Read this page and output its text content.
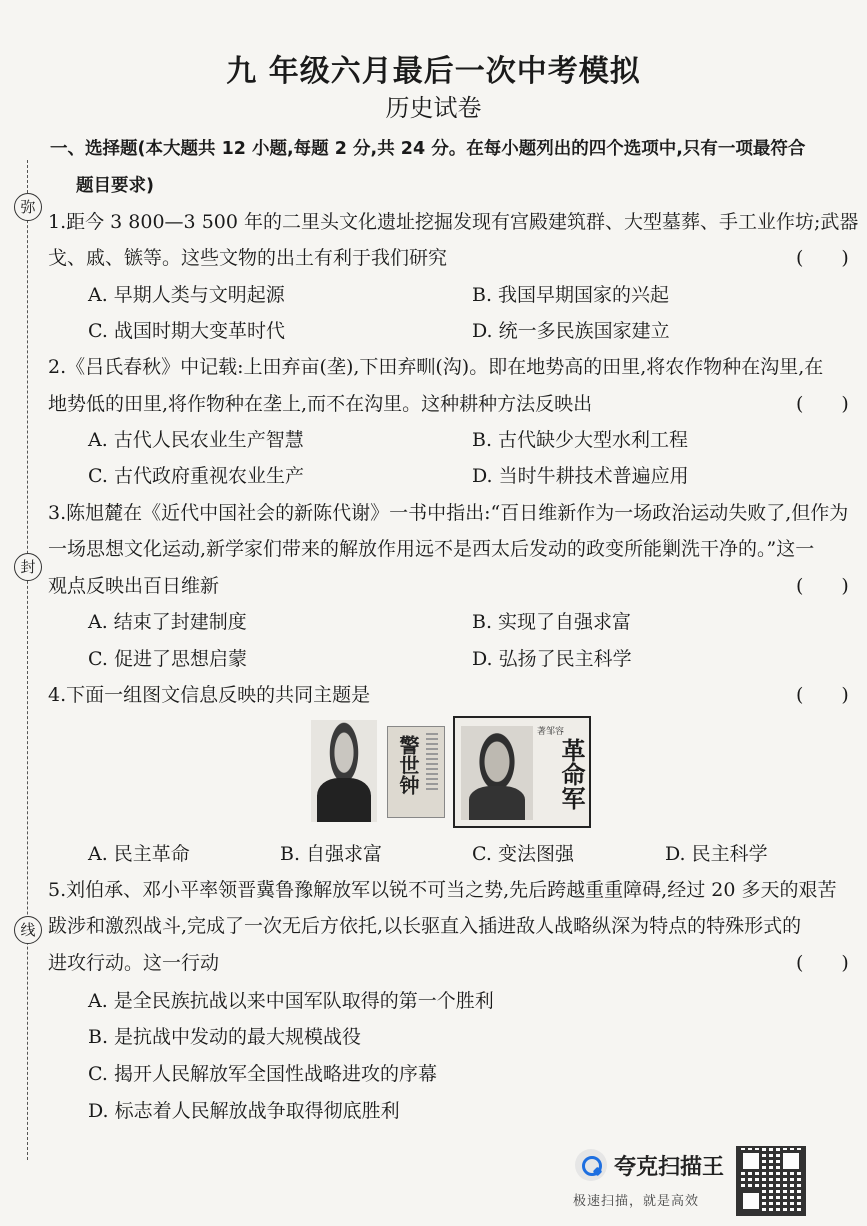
弥
封
线
九 年级六月最后一次中考模拟
历史试卷
一、选择题(本大题共 12 小题,每题 2 分,共 24 分。在每小题列出的四个选项中,只有一项最符合
题目要求)
1.距今 3 800—3 500 年的二里头文化遗址挖掘发现有宫殿建筑群、大型墓葬、手工业作坊;武器
戈、戚、镞等。这些文物的出土有利于我们研究	(　　)
A. 早期人类与文明起源	B. 我国早期国家的兴起
C. 战国时期大变革时代	D. 统一多民族国家建立
2.《吕氏春秋》中记载:上田弃亩(垄),下田弃甽(沟)。即在地势高的田里,将农作物种在沟里,在
地势低的田里,将作物种在垄上,而不在沟里。这种耕种方法反映出	(　　)
A. 古代人民农业生产智慧	B. 古代缺少大型水利工程
C. 古代政府重视农业生产	D. 当时牛耕技术普遍应用
3.陈旭麓在《近代中国社会的新陈代谢》一书中指出:“百日维新作为一场政治运动失败了,但作为
一场思想文化运动,新学家们带来的解放作用远不是西太后发动的政变所能剿洗干净的。”这一
观点反映出百日维新	(　　)
A. 结束了封建制度	B. 实现了自强求富
C. 促进了思想启蒙	D. 弘扬了民主科学
4.下面一组图文信息反映的共同主题是	(　　)
警世钟
著邹容
革命军
A. 民主革命	B. 自强求富	C. 变法图强	D. 民主科学
5.刘伯承、邓小平率领晋冀鲁豫解放军以锐不可当之势,先后跨越重重障碍,经过 20 多天的艰苦
跋涉和激烈战斗,完成了一次无后方依托,以长驱直入插进敌人战略纵深为特点的特殊形式的
进攻行动。这一行动	(　　)
A. 是全民族抗战以来中国军队取得的第一个胜利
B. 是抗战中发动的最大规模战役
C. 揭开人民解放军全国性战略进攻的序幕
D. 标志着人民解放战争取得彻底胜利
夸克扫描王
极速扫描，就是高效
